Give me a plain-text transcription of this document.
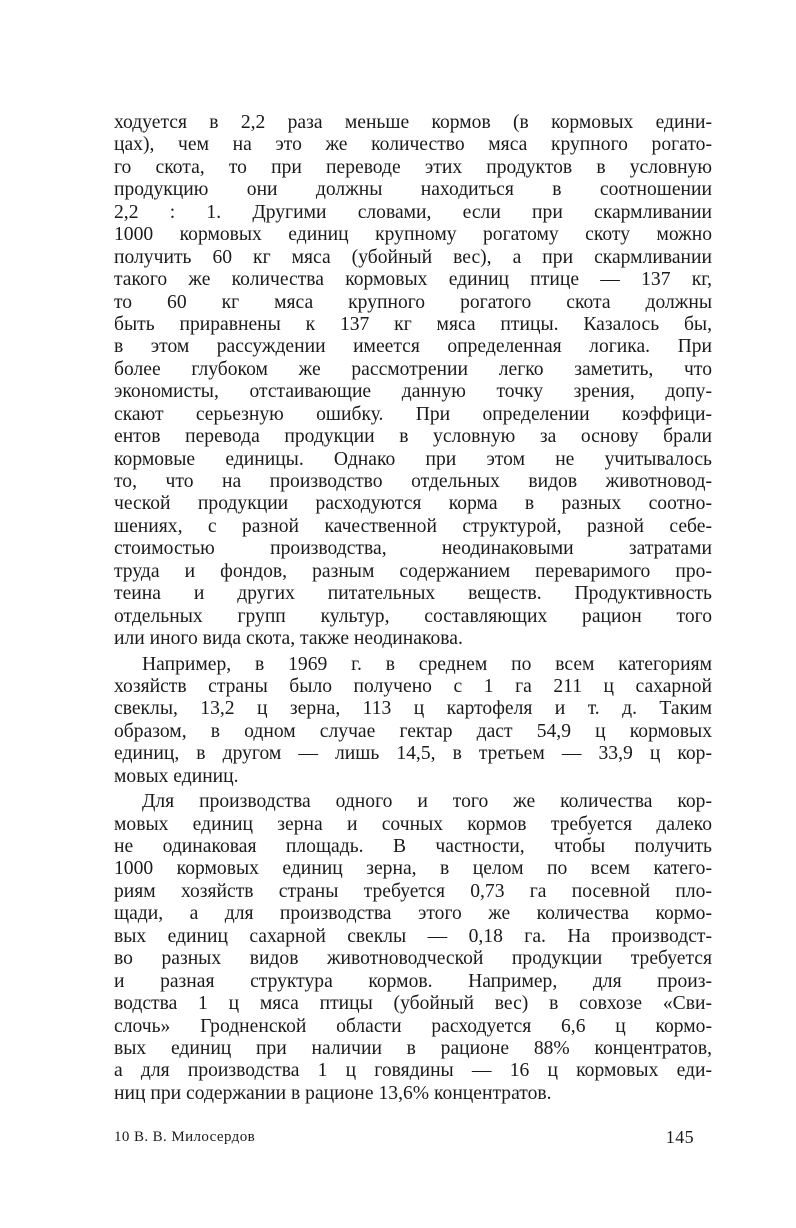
ходуется в 2,2 раза меньше кормов (в кормовых едини-
цах), чем на это же количество мяса крупного рогато-
го скота, то при переводе этих продуктов в условную
продукцию они должны находиться в соотношении
2,2 : 1. Другими словами, если при скармливании
1000 кормовых единиц крупному рогатому скоту можно
получить 60 кг мяса (убойный вес), а при скармливании
такого же количества кормовых единиц птице — 137 кг,
то 60 кг мяса крупного рогатого скота должны
быть приравнены к 137 кг мяса птицы. Казалось бы,
в этом рассуждении имеется определенная логика. При
более глубоком же рассмотрении легко заметить, что
экономисты, отстаивающие данную точку зрения, допу-
скают серьезную ошибку. При определении коэффици-
ентов перевода продукции в условную за основу брали
кормовые единицы. Однако при этом не учитывалось
то, что на производство отдельных видов животновод-
ческой продукции расходуются корма в разных соотно-
шениях, с разной качественной структурой, разной себе-
стоимостью производства, неодинаковыми затратами
труда и фондов, разным содержанием переваримого про-
теина и других питательных веществ. Продуктивность
отдельных групп культур, составляющих рацион того
или иного вида скота, также неодинакова.
Например, в 1969 г. в среднем по всем категориям
хозяйств страны было получено с 1 га 211 ц сахарной
свеклы, 13,2 ц зерна, 113 ц картофеля и т. д. Таким
образом, в одном случае гектар даст 54,9 ц кормовых
единиц, в другом — лишь 14,5, в третьем — 33,9 ц кор-
мовых единиц.
Для производства одного и того же количества кор-
мовых единиц зерна и сочных кормов требуется далеко
не одинаковая площадь. В частности, чтобы получить
1000 кормовых единиц зерна, в целом по всем катего-
риям хозяйств страны требуется 0,73 га посевной пло-
щади, а для производства этого же количества кормо-
вых единиц сахарной свеклы — 0,18 га. На производст-
во разных видов животноводческой продукции требуется
и разная структура кормов. Например, для произ-
водства 1 ц мяса птицы (убойный вес) в совхозе «Сви-
слочь» Гродненской области расходуется 6,6 ц кормо-
вых единиц при наличии в рационе 88% концентратов,
а для производства 1 ц говядины — 16 ц кормовых еди-
ниц при содержании в рационе 13,6% концентратов.
10 В. В. Милосердов	145
